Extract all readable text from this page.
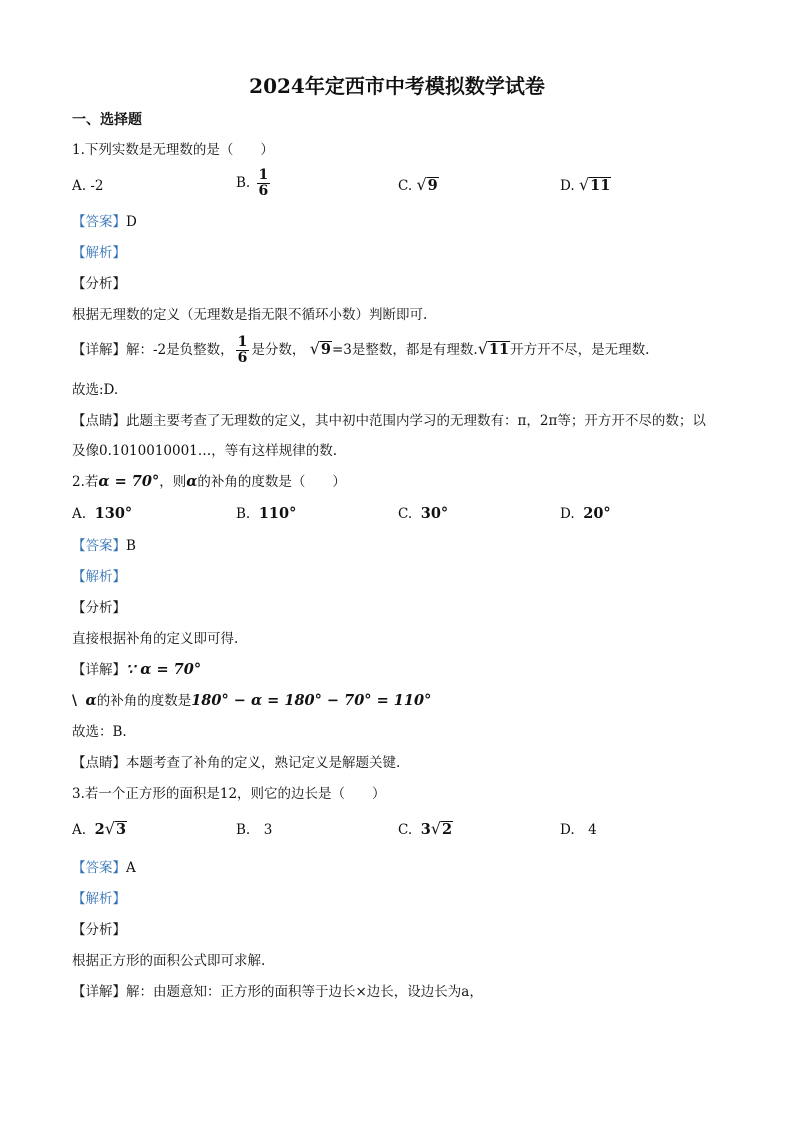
2024年定西市中考模拟数学试卷
一、选择题
1.下列实数是无理数的是（　　）
A. -2	B. $\frac{1}{6}$	C. √ 9	D. √ 11
【答案】D
【解析】
【分析】
根据无理数的定义（无理数是指无限不循环小数）判断即可.
【详解】解：-2是负整数， $\frac{1}{6}$ 是分数， √ 9 =3是整数，都是有理数. √ 11 开方开不尽，是无理数.
故选:D.
【点睛】此题主要考查了无理数的定义，其中初中范围内学习的无理数有：π，2π等；开方开不尽的数；以
及像0.1010010001…，等有这样规律的数.
2.若α = 70°，则α的补角的度数是（　　）
A. 130°	B. 110°	C. 30°	D. 20°
【答案】B
【解析】
【分析】
直接根据补角的定义即可得.
【详解】∵ α = 70°
\ α的补角的度数是180° − α = 180° − 70° = 110°
故选：B.
【点睛】本题考查了补角的定义，熟记定义是解题关键.
3.若一个正方形的面积是12，则它的边长是（　　）
A. 2 √ 3	B.　3	C. 3 √ 2	D.　4
【答案】A
【解析】
【分析】
根据正方形的面积公式即可求解.
【详解】解：由题意知：正方形的面积等于边长×边长，设边长为a，
